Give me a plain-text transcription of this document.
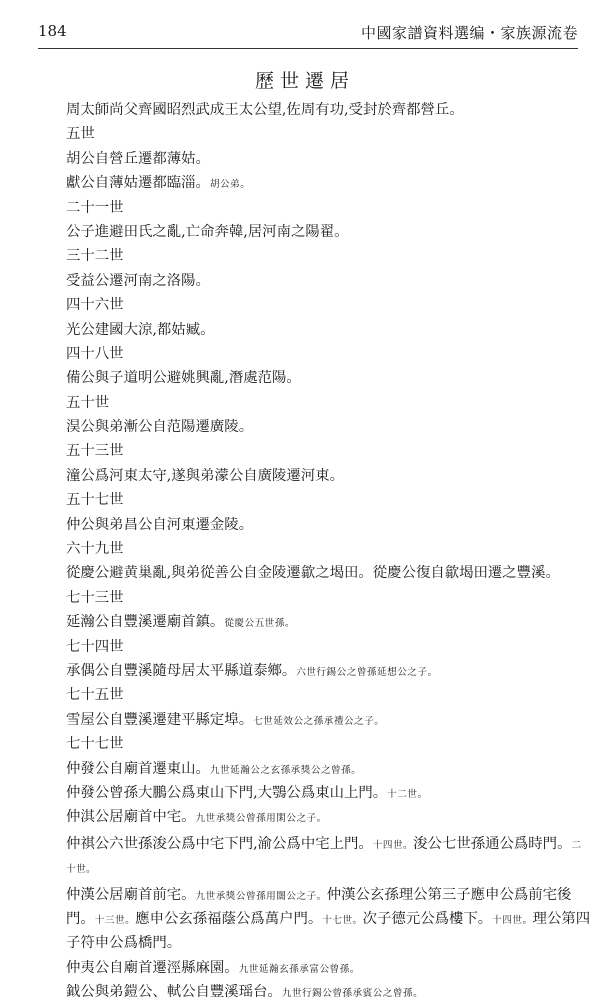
184	中國家譜資料選编・家族源流卷
歷世遷居
周太師尚父齊國昭烈武成王太公望,佐周有功,受封於齊都營丘。
五世
胡公自營丘遷都薄姑。
獻公自薄姑遷都臨淄。胡公弟。
二十一世
公子進避田氏之亂,亡命奔韓,居河南之陽翟。
三十二世
受益公遷河南之洛陽。
四十六世
光公建國大涼,都姑臧。
四十八世
備公與子道明公避姚興亂,潛處范陽。
五十世
淏公與弟漸公自范陽遷廣陵。
五十三世
潼公爲河東太守,遂與弟濛公自廣陵遷河東。
五十七世
仲公與弟昌公自河東遷金陵。
六十九世
從慶公避黄巢亂,與弟從善公自金陵遷歙之堨田。從慶公復自歙堨田遷之豐溪。
七十三世
延瀚公自豐溪遷廟首鎮。從慶公五世孫。
七十四世
承偶公自豐溪隨母居太平縣道泰鄉。六世行錫公之曾孫延想公之子。
七十五世
雪屋公自豐溪遷建平縣定埠。七世延效公之孫承禮公之子。
七十七世
仲發公自廟首遷東山。九世延瀚公之玄孫承獎公之曾孫。
仲發公曾孫大鵬公爲東山下門,大鶚公爲東山上門。十二世。
仲淇公居廟首中宅。九世承獎公曾孫用閑公之子。
仲祺公六世孫浚公爲中宅下門,渝公爲中宅上門。十四世。浚公七世孫通公爲時門。二十世。
仲漢公居廟首前宅。九世承獎公曾孫用闊公之子。仲漢公玄孫理公第三子應申公爲前宅後門。十三世。應申公玄孫福蔭公爲萬户門。十七世。次子德元公爲樓下。十四世。理公第四子符申公爲橋門。
仲夷公自廟首遷涇縣麻園。九世延瀚玄孫承富公曾孫。
鉞公與弟鎧公、軾公自豐溪瑶台。九世行錫公曾孫承賓公之曾孫。
